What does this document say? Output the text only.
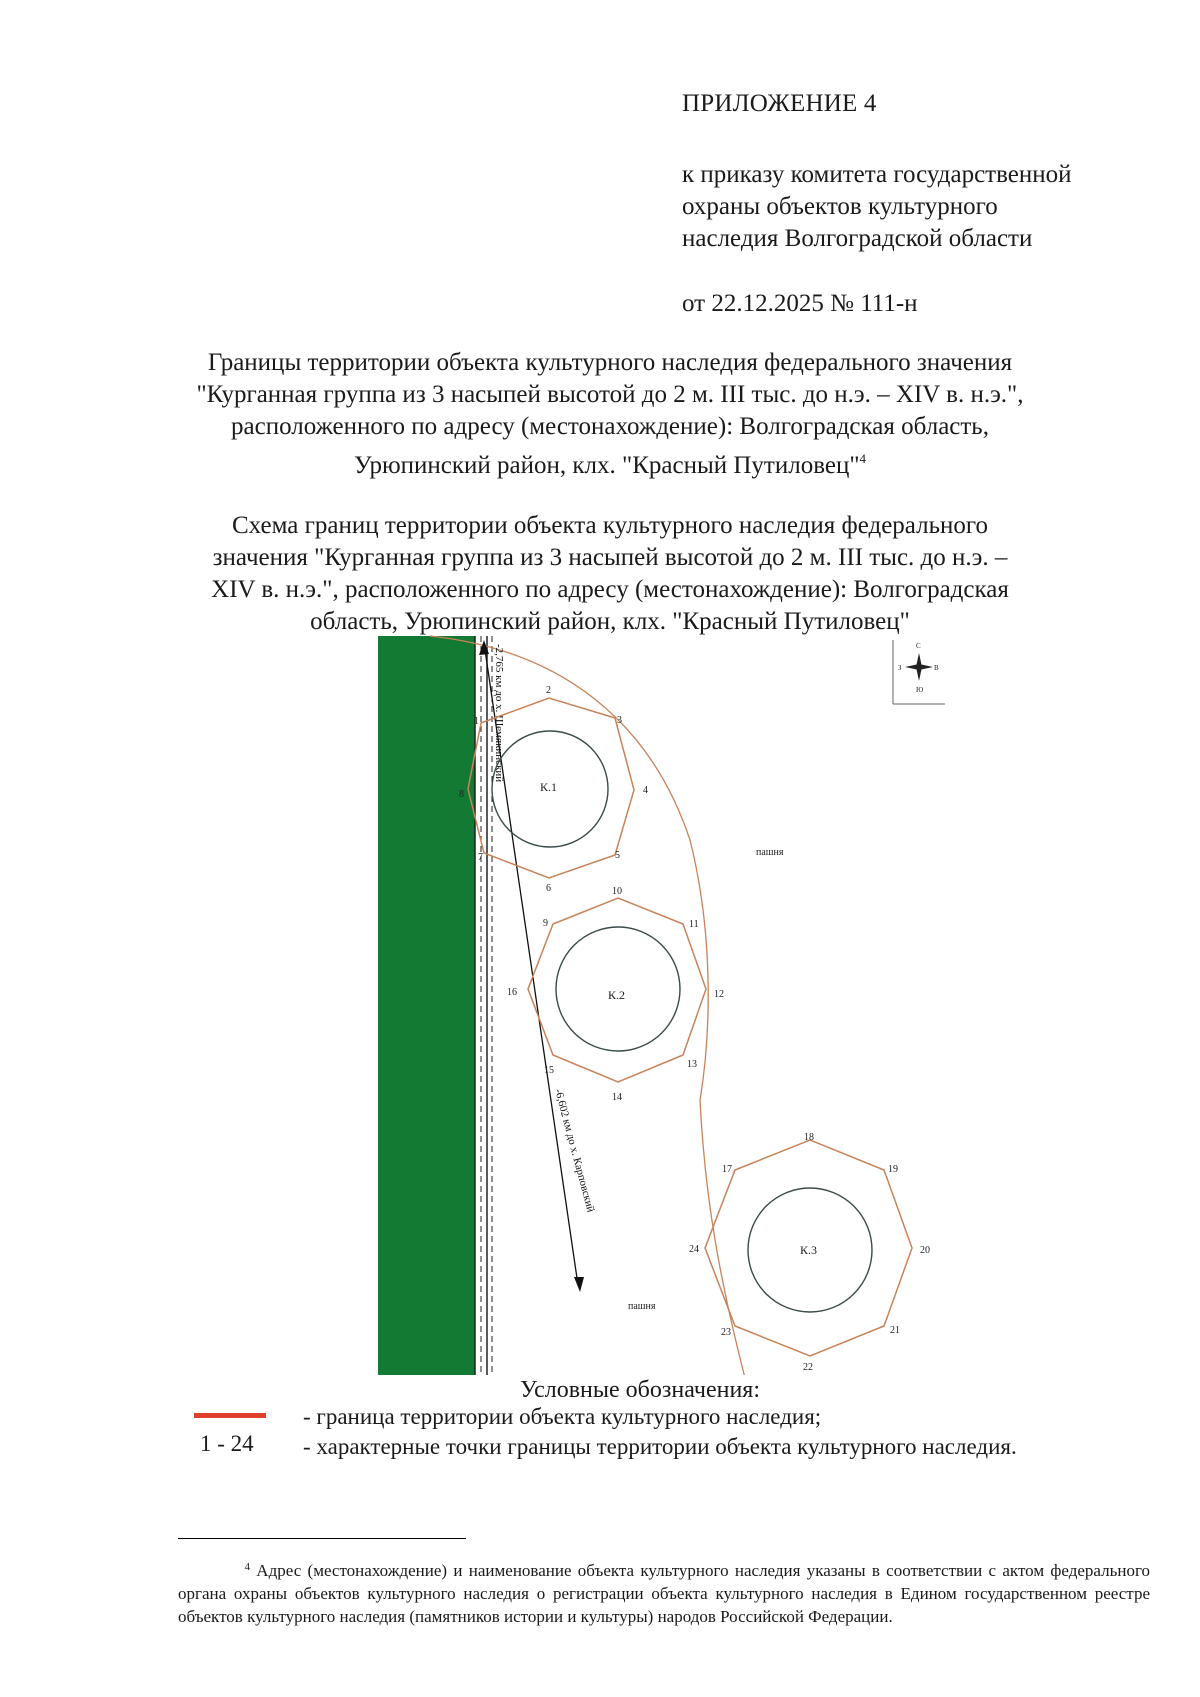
ПРИЛОЖЕНИЕ 4
к приказу комитета государственной
охраны объектов культурного
наследия Волгоградской области
от 22.12.2025 № 111-н
Границы территории объекта культурного наследия федерального значения
"Курганная группа из 3 насыпей высотой до 2 м. III тыс. до н.э. – XIV в. н.э.",
расположенного по адресу (местонахождение): Волгоградская область,
Урюпинский район, клх. "Красный Путиловец"$^4$
Схема границ территории объекта культурного наследия федерального
значения "Курганная группа из 3 насыпей высотой до 2 м. III тыс. до н.э. –
XIV в. н.э.", расположенного по адресу (местонахождение): Волгоградская
область, Урюпинский район, клх. "Красный Путиловец"
-2,765 км до х. Шемякинский
-6,602 км до х. Карповский
К.1
К.2
К.3
1
2
3
4
5
6
7
8
9
10
11
12
13
14
15
16
17
18
19
20
21
22
23
24
пашня
пашня
С
Ю
В
З
Условные обозначения:
- граница территории объекта культурного наследия;
1 - 24 - характерные точки границы территории объекта культурного наследия.
$^4$ Адрес (местонахождение) и наименование объекта культурного наследия указаны в соответствии с актом федерального органа охраны объектов культурного наследия о регистрации объекта культурного наследия в Едином государственном реестре объектов культурного наследия (памятников истории и культуры) народов Российской Федерации.
